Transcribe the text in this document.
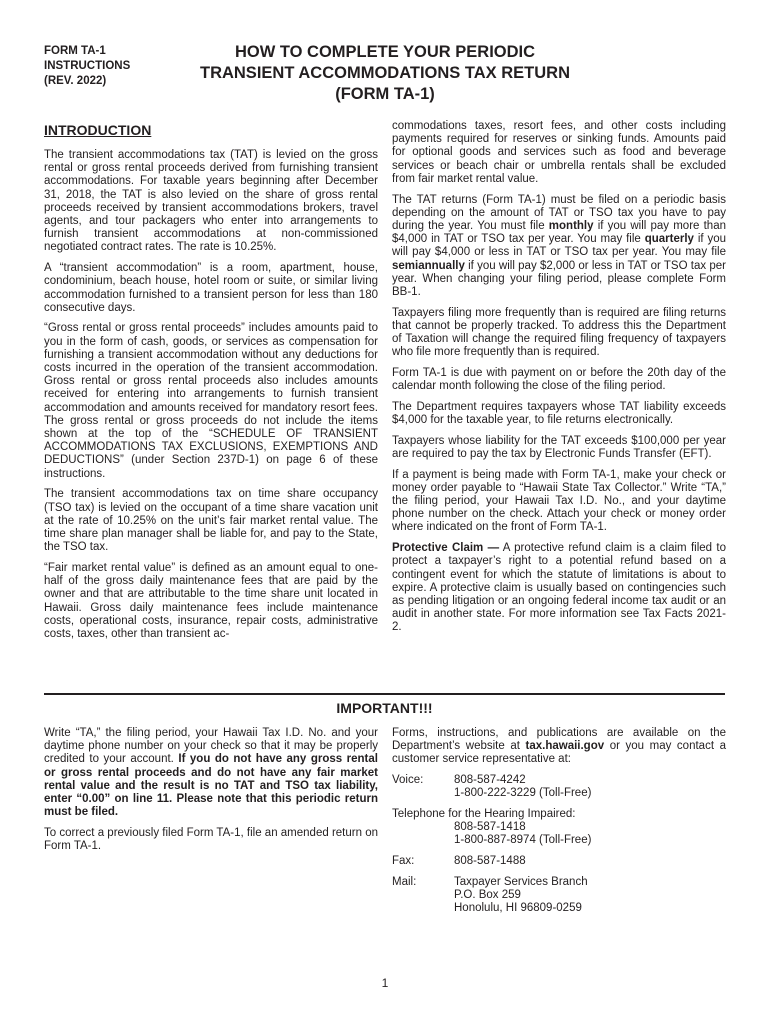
FORM TA-1
INSTRUCTIONS
(REV. 2022)
HOW TO COMPLETE YOUR PERIODIC
TRANSIENT ACCOMMODATIONS TAX RETURN
(FORM TA-1)
INTRODUCTION

The transient accommodations tax (TAT) is levied on the gross rental or gross rental proceeds derived from furnishing transient accommodations. For taxable years beginning after December 31, 2018, the TAT is also levied on the share of gross rental proceeds received by transient accommodations brokers, travel agents, and tour packagers who enter into arrangements to furnish transient accommodations at non-commissioned negotiated contract rates. The rate is 10.25%.

A “transient accommodation” is a room, apartment, house, condominium, beach house, hotel room or suite, or similar living accommodation furnished to a transient person for less than 180 consecutive days.

“Gross rental or gross rental proceeds” includes amounts paid to you in the form of cash, goods, or services as compensation for furnishing a transient accommodation without any deductions for costs incurred in the operation of the transient accommodation. Gross rental or gross rental proceeds also includes amounts received for entering into arrangements to furnish transient accommodation and amounts received for mandatory resort fees. The gross rental or gross proceeds do not include the items shown at the top of the “SCHEDULE OF TRANSIENT ACCOMMODATIONS TAX EXCLUSIONS, EXEMPTIONS AND DEDUCTIONS” (under Section 237D-1) on page 6 of these instructions.

The transient accommodations tax on time share occupancy (TSO tax) is levied on the occupant of a time share vacation unit at the rate of 10.25% on the unit’s fair market rental value. The time share plan manager shall be liable for, and pay to the State, the TSO tax.

“Fair market rental value” is defined as an amount equal to one-half of the gross daily maintenance fees that are paid by the owner and that are attributable to the time share unit located in Hawaii. Gross daily maintenance fees include maintenance costs, operational costs, insurance, repair costs, administrative costs, taxes, other than transient ac-

commodations taxes, resort fees, and other costs including payments required for reserves or sinking funds. Amounts paid for optional goods and services such as food and beverage services or beach chair or umbrella rentals shall be excluded from fair market rental value.

The TAT returns (Form TA-1) must be filed on a periodic basis depending on the amount of TAT or TSO tax you have to pay during the year. You must file monthly if you will pay more than $4,000 in TAT or TSO tax per year. You may file quarterly if you will pay $4,000 or less in TAT or TSO tax per year. You may file semiannually if you will pay $2,000 or less in TAT or TSO tax per year. When changing your filing period, please complete Form BB-1.

Taxpayers filing more frequently than is required are filing returns that cannot be properly tracked. To address this the Department of Taxation will change the required filing frequency of taxpayers who file more frequently than is required.

Form TA-1 is due with payment on or before the 20th day of the calendar month following the close of the filing period.

The Department requires taxpayers whose TAT liability exceeds $4,000 for the taxable year, to file returns electronically.

Taxpayers whose liability for the TAT exceeds $100,000 per year are required to pay the tax by Electronic Funds Transfer (EFT).

If a payment is being made with Form TA-1, make your check or money order payable to “Hawaii State Tax Collector.” Write “TA,” the filing period, your Hawaii Tax I.D. No., and your daytime phone number on the check. Attach your check or money order where indicated on the front of Form TA-1.

Protective Claim — A protective refund claim is a claim filed to protect a taxpayer’s right to a potential refund based on a contingent event for which the statute of limitations is about to expire. A protective claim is usually based on contingencies such as pending litigation or an ongoing federal income tax audit or an audit in another state. For more information see Tax Facts 2021-2.

IMPORTANT!!!

Write “TA,” the filing period, your Hawaii Tax I.D. No. and your daytime phone number on your check so that it may be properly credited to your account. If you do not have any gross rental or gross rental proceeds and do not have any fair market rental value and the result is no TAT and TSO tax liability, enter “0.00” on line 11. Please note that this periodic return must be filed.

To correct a previously filed Form TA-1, file an amended return on Form TA-1.

Forms, instructions, and publications are available on the Department’s website at tax.hawaii.gov or you may contact a customer service representative at:

Voice:	808-587-4242
1-800-222-3229 (Toll-Free)
Telephone for the Hearing Impaired:
808-587-1418
1-800-887-8974 (Toll-Free)
Fax:	808-587-1488
Mail:	Taxpayer Services Branch
P.O. Box 259
Honolulu, HI 96809-0259
1
